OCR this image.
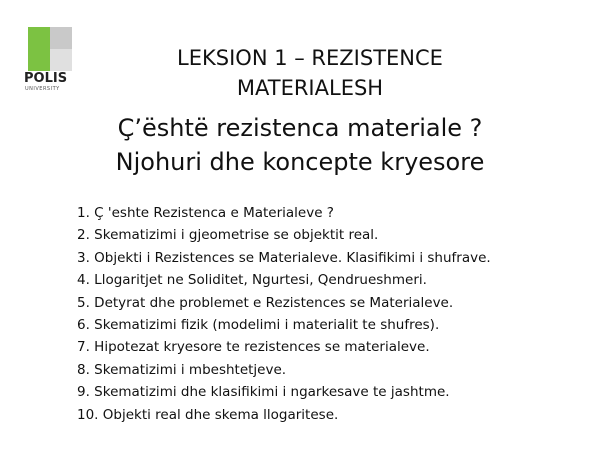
POLIS
UNIVERSITY
LEKSION 1 – REZISTENCE
MATERIALESH
Ç’është rezistenca materiale ?
Njohuri dhe koncepte kryesore
1. Ç 'eshte Rezistenca e Materialeve ?
2. Skematizimi i gjeometrise se objektit real.
3. Objekti i Rezistences se Materialeve. Klasifikimi i shufrave.
4. Llogaritjet ne Soliditet, Ngurtesi, Qendrueshmeri.
5. Detyrat dhe problemet e Rezistences se Materialeve.
6. Skematizimi fizik (modelimi i materialit te shufres).
7. Hipotezat kryesore te rezistences se materialeve.
8. Skematizimi i mbeshtetjeve.
9. Skematizimi dhe klasifikimi i ngarkesave te jashtme.
10. Objekti real dhe skema llogaritese.
